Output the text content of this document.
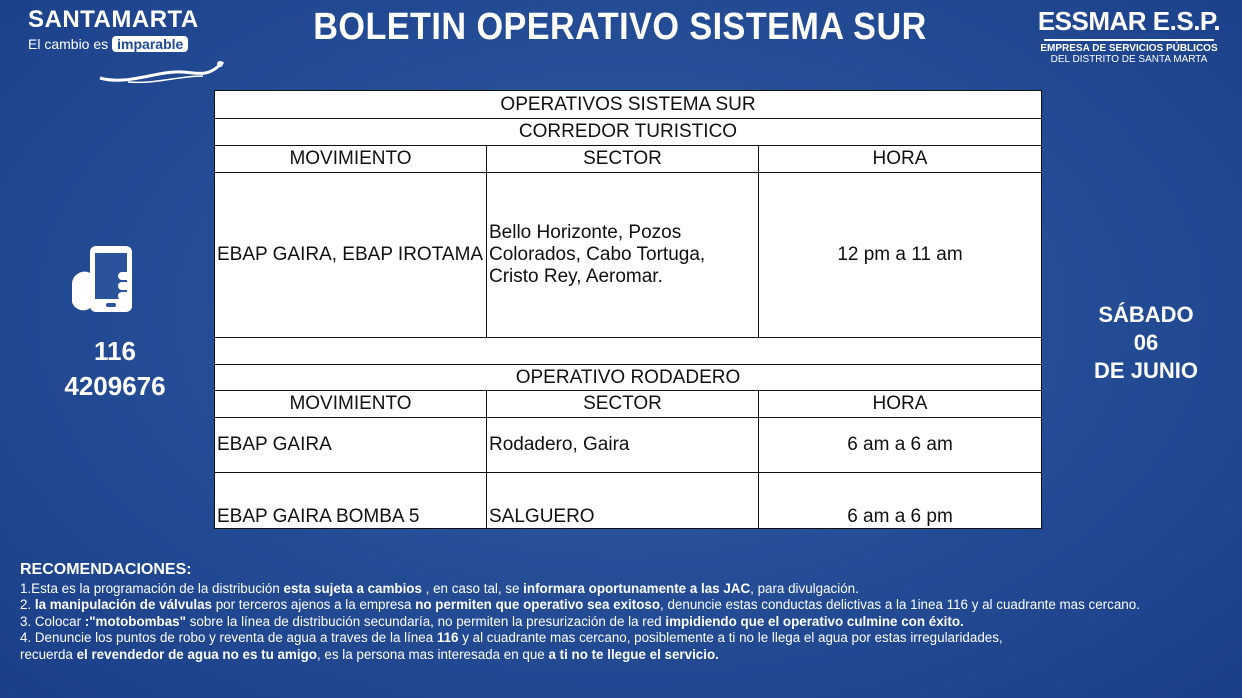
SANTAMARTA
El cambio es imparable	BOLETIN OPERATIVO SISTEMA SUR	ESSMAR E.S.P.
EMPRESA DE SERVICIOS PÚBLICOS
DEL DISTRITO DE SANTA MARTA
116
4209676
SÁBADO
06
DE JUNIO
OPERATIVOS SISTEMA SUR		
CORREDOR TURISTICO		
MOVIMIENTO	SECTOR	HORA
EBAP GAIRA, EBAP IROTAMA	Bello Horizonte, Pozos Colorados, Cabo Tortuga, Cristo Rey, Aeromar.	12 pm a 11 am

OPERATIVO RODADERO		
MOVIMIENTO	SECTOR	HORA
EBAP GAIRA	Rodadero, Gaira	6 am a 6 am
EBAP GAIRA BOMBA 5	SALGUERO	6 am a 6 pm
RECOMENDACIONES:
1.Esta es la programación de la distribución esta sujeta a cambios , en caso tal, se informara oportunamente a las JAC, para divulgación.
2. la manipulación de válvulas por terceros ajenos a la empresa no permiten que operativo sea exitoso, denuncie estas conductas delictivas a la 1inea 116 y al cuadrante mas cercano.
3. Colocar :"motobombas" sobre la línea de distribución secundaría, no permiten la presurización de la red impidiendo que el operativo culmine con éxito.
4. Denuncie los puntos de robo y reventa de agua a traves de la línea 116 y al cuadrante mas cercano, posiblemente a ti no le llega el agua por estas irregularidades,
recuerda el revendedor de agua no es tu amigo, es la persona mas interesada en que a ti no te llegue el servicio.
